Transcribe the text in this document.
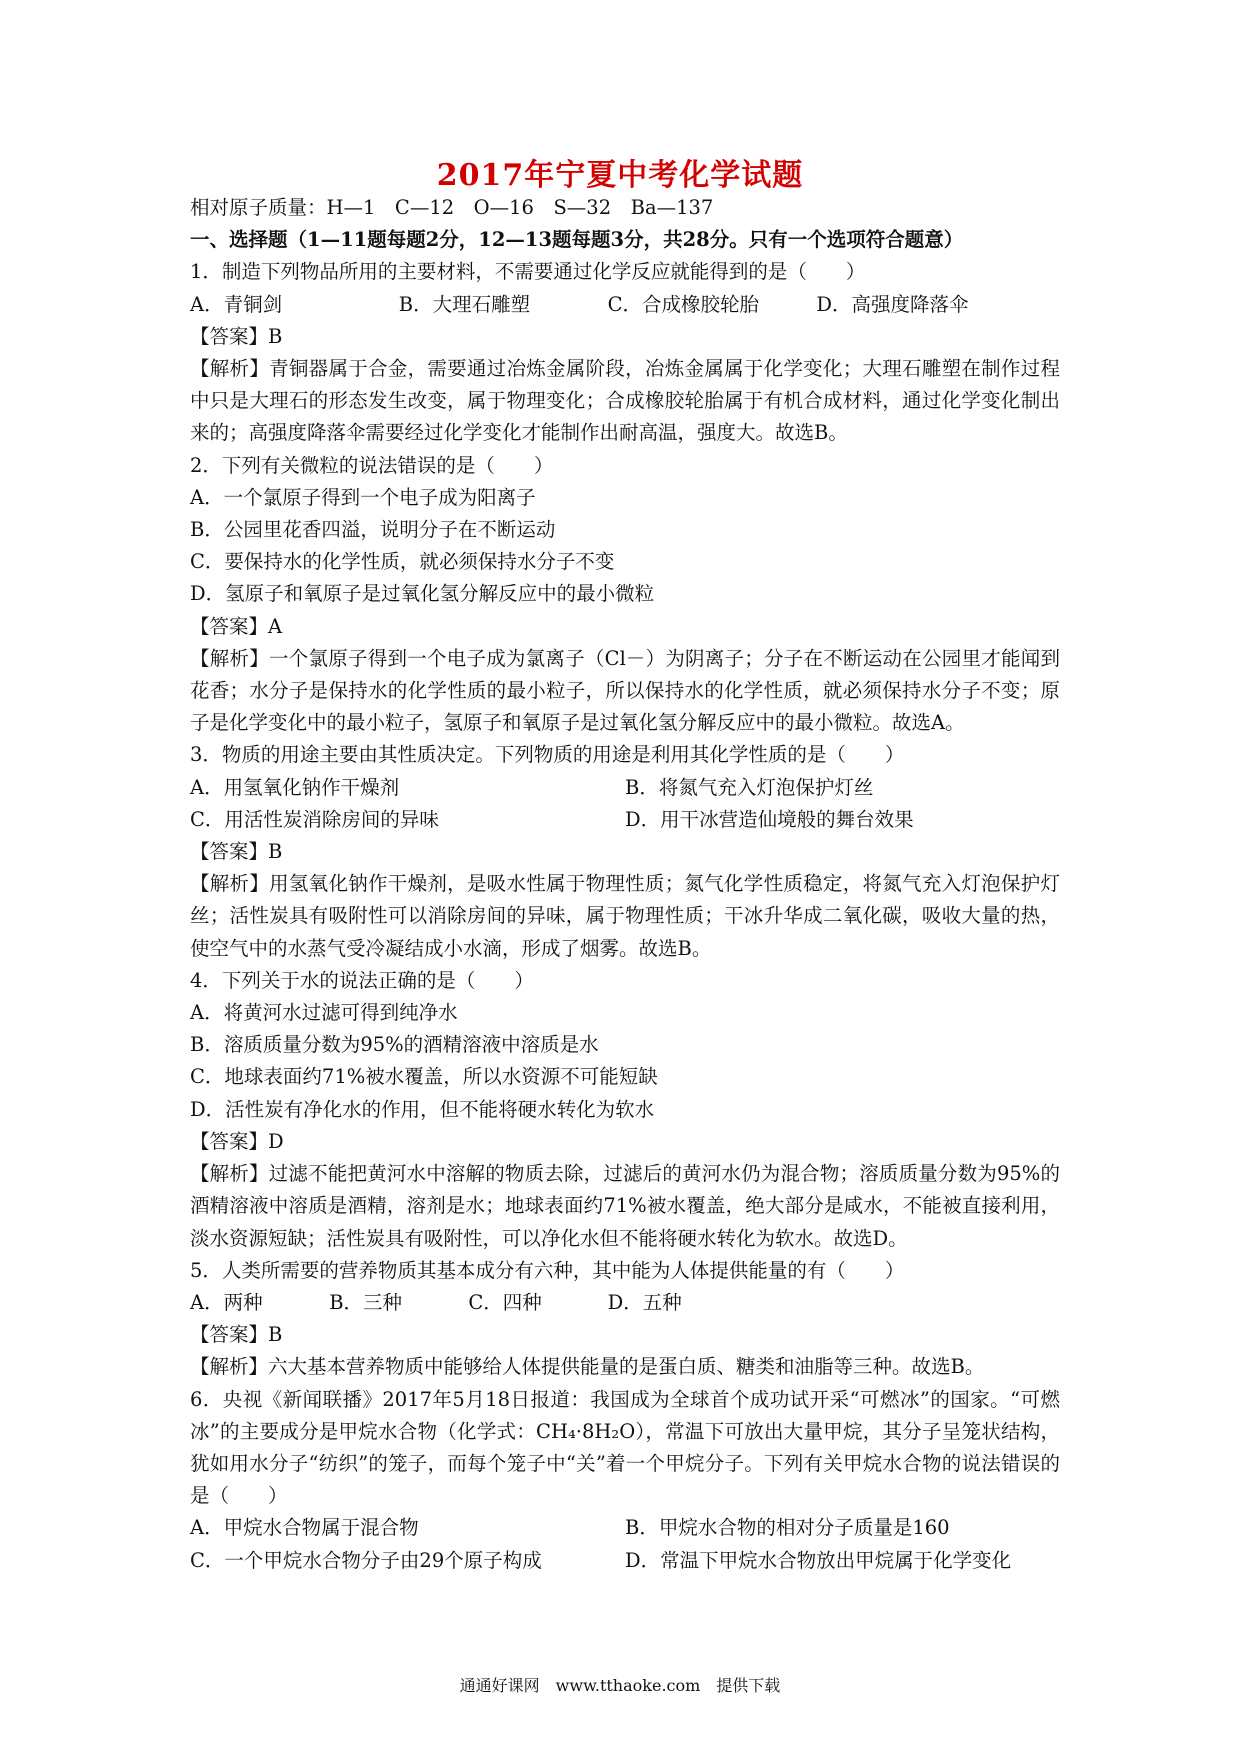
2017年宁夏中考化学试题
相对原子质量：H—1　C—12　O—16　S—32　Ba—137
一、选择题（1—11题每题2分，12—13题每题3分，共28分。只有一个选项符合题意）
1．制造下列物品所用的主要材料，不需要通过化学反应就能得到的是（　　）
A．青铜剑	B．大理石雕塑	C．合成橡胶轮胎	D．高强度降落伞
【答案】B
【解析】青铜器属于合金，需要通过冶炼金属阶段，冶炼金属属于化学变化；大理石雕塑在制作过程中只是大理石的形态发生改变，属于物理变化；合成橡胶轮胎属于有机合成材料，通过化学变化制出来的；高强度降落伞需要经过化学变化才能制作出耐高温，强度大。故选B。
2．下列有关微粒的说法错误的是（　　）
A．一个氯原子得到一个电子成为阳离子
B．公园里花香四溢，说明分子在不断运动
C．要保持水的化学性质，就必须保持水分子不变
D．氢原子和氧原子是过氧化氢分解反应中的最小微粒
【答案】A
【解析】一个氯原子得到一个电子成为氯离子（Cl－）为阴离子；分子在不断运动在公园里才能闻到花香；水分子是保持水的化学性质的最小粒子，所以保持水的化学性质，就必须保持水分子不变；原子是化学变化中的最小粒子，氢原子和氧原子是过氧化氢分解反应中的最小微粒。故选A。
3．物质的用途主要由其性质决定。下列物质的用途是利用其化学性质的是（　　）
A．用氢氧化钠作干燥剂	B．将氮气充入灯泡保护灯丝
C．用活性炭消除房间的异味	D．用干冰营造仙境般的舞台效果
【答案】B
【解析】用氢氧化钠作干燥剂，是吸水性属于物理性质；氮气化学性质稳定，将氮气充入灯泡保护灯丝；活性炭具有吸附性可以消除房间的异味，属于物理性质；干冰升华成二氧化碳，吸收大量的热，使空气中的水蒸气受冷凝结成小水滴，形成了烟雾。故选B。
4．下列关于水的说法正确的是（　　）
A．将黄河水过滤可得到纯净水
B．溶质质量分数为95%的酒精溶液中溶质是水
C．地球表面约71%被水覆盖，所以水资源不可能短缺
D．活性炭有净化水的作用，但不能将硬水转化为软水
【答案】D
【解析】过滤不能把黄河水中溶解的物质去除，过滤后的黄河水仍为混合物；溶质质量分数为95%的酒精溶液中溶质是酒精，溶剂是水；地球表面约71%被水覆盖，绝大部分是咸水，不能被直接利用，淡水资源短缺；活性炭具有吸附性，可以净化水但不能将硬水转化为软水。故选D。
5．人类所需要的营养物质其基本成分有六种，其中能为人体提供能量的有（　　）
A．两种	B．三种	C．四种	D．五种
【答案】B
【解析】六大基本营养物质中能够给人体提供能量的是蛋白质、糖类和油脂等三种。故选B。
6．央视《新闻联播》2017年5月18日报道：我国成为全球首个成功试开采“可燃冰”的国家。“可燃冰”的主要成分是甲烷水合物（化学式：CH₄·8H₂O），常温下可放出大量甲烷，其分子呈笼状结构，犹如用水分子“纺织”的笼子，而每个笼子中“关”着一个甲烷分子。下列有关甲烷水合物的说法错误的是（　　）
A．甲烷水合物属于混合物	B．甲烷水合物的相对分子质量是160
C．一个甲烷水合物分子由29个原子构成	D．常温下甲烷水合物放出甲烷属于化学变化
通通好课网　www.tthaoke.com　提供下载
